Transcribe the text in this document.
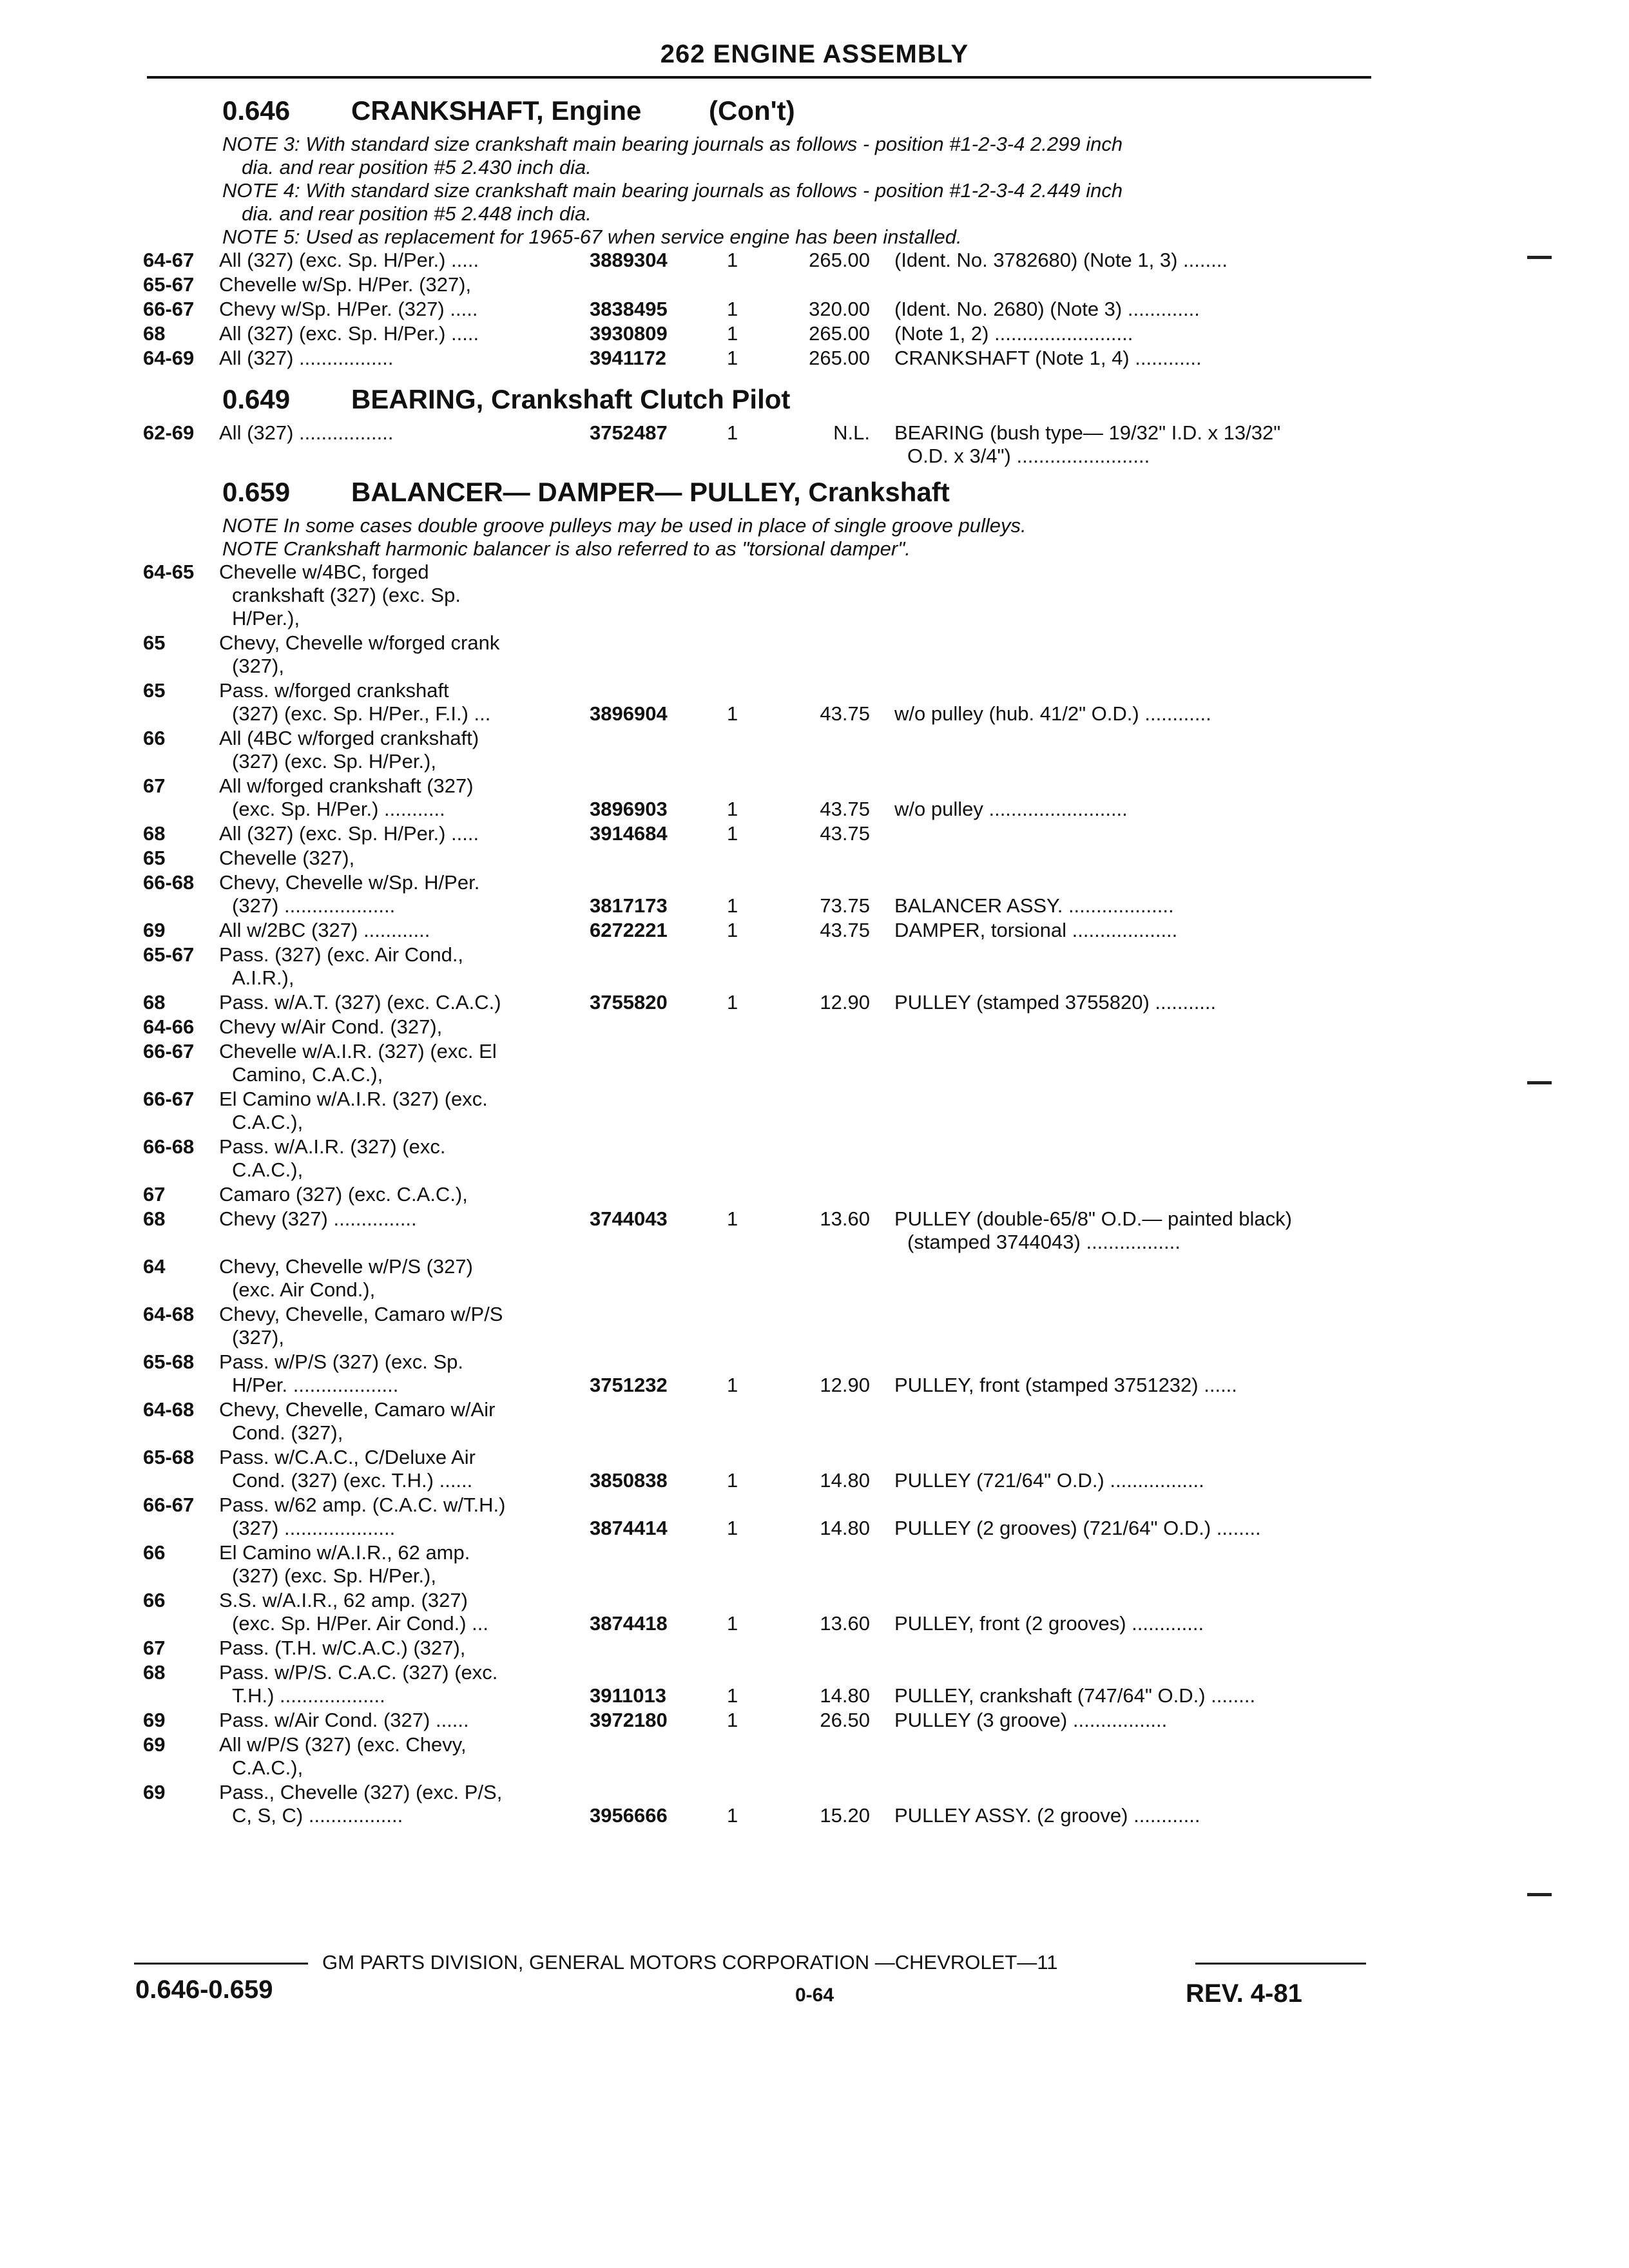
262 ENGINE ASSEMBLY
0.646 CRANKSHAFT, Engine (Con't)
NOTE 3: With standard size crankshaft main bearing journals as follows - position #1-2-3-4 2.299 inch
dia. and rear position #5 2.430 inch dia.
NOTE 4: With standard size crankshaft main bearing journals as follows - position #1-2-3-4 2.449 inch
dia. and rear position #5 2.448 inch dia.
NOTE 5: Used as replacement for 1965-67 when service engine has been installed.
64-67 All (327) (exc. Sp. H/Per.) .....	3889304	1	265.00 (Ident. No. 3782680) (Note 1, 3) ........
65-67 Chevelle w/Sp. H/Per. (327),
66-67 Chevy w/Sp. H/Per. (327) .....	3838495	1	320.00 (Ident. No. 2680) (Note 3) .............
68	All (327) (exc. Sp. H/Per.) .....	3930809	1	265.00 (Note 1, 2) .........................
64-69 All (327) .................	3941172	1	265.00 CRANKSHAFT (Note 1, 4) ............
0.649 BEARING, Crankshaft Clutch Pilot
62-69 All (327) .................	3752487	1	N.L. BEARING (bush type— 19/32" I.D. x 13/32"
O.D. x 3/4") ........................
0.659 BALANCER— DAMPER— PULLEY, Crankshaft
NOTE In some cases double groove pulleys may be used in place of single groove pulleys.
NOTE Crankshaft harmonic balancer is also referred to as "torsional damper".
64-65 Chevelle w/4BC, forged
crankshaft (327) (exc. Sp.
H/Per.),
65	Chevy, Chevelle w/forged crank
(327),
65	Pass. w/forged crankshaft
(327) (exc. Sp. H/Per., F.I.) ...	3896904	1	43.75 w/o pulley (hub. 41/2" O.D.) ............
66	All (4BC w/forged crankshaft)
(327) (exc. Sp. H/Per.),
67	All w/forged crankshaft (327)
(exc. Sp. H/Per.) ...........	3896903	1	43.75 w/o pulley .........................
68	All (327) (exc. Sp. H/Per.) .....	3914684	1	43.75
65	Chevelle (327),
66-68 Chevy, Chevelle w/Sp. H/Per.
(327) ....................	3817173	1	73.75 BALANCER ASSY. ...................
69	All w/2BC (327) ............	6272221	1	43.75 DAMPER, torsional ...................
65-67 Pass. (327) (exc. Air Cond.,
A.I.R.),
68	Pass. w/A.T. (327) (exc. C.A.C.)	3755820	1	12.90 PULLEY (stamped 3755820) ...........
64-66 Chevy w/Air Cond. (327),
66-67 Chevelle w/A.I.R. (327) (exc. El
Camino, C.A.C.),
66-67 El Camino w/A.I.R. (327) (exc.
C.A.C.),
66-68 Pass. w/A.I.R. (327) (exc.
C.A.C.),
67	Camaro (327) (exc. C.A.C.),
68	Chevy (327) ...............	3744043	1	13.60 PULLEY (double-65/8" O.D.— painted black)
(stamped 3744043) .................
64	Chevy, Chevelle w/P/S (327)
(exc. Air Cond.),
64-68 Chevy, Chevelle, Camaro w/P/S
(327),
65-68 Pass. w/P/S (327) (exc. Sp.
H/Per. ...................	3751232	1	12.90 PULLEY, front (stamped 3751232) ......
64-68 Chevy, Chevelle, Camaro w/Air
Cond. (327),
65-68 Pass. w/C.A.C., C/Deluxe Air
Cond. (327) (exc. T.H.) ......	3850838	1	14.80 PULLEY (721/64" O.D.) .................
66-67 Pass. w/62 amp. (C.A.C. w/T.H.)
(327) ....................	3874414	1	14.80 PULLEY (2 grooves) (721/64" O.D.) ........
66	El Camino w/A.I.R., 62 amp.
(327) (exc. Sp. H/Per.),
66	S.S. w/A.I.R., 62 amp. (327)
(exc. Sp. H/Per. Air Cond.) ...	3874418	1	13.60 PULLEY, front (2 grooves) .............
67	Pass. (T.H. w/C.A.C.) (327),
68	Pass. w/P/S. C.A.C. (327) (exc.
T.H.) ...................	3911013	1	14.80 PULLEY, crankshaft (747/64" O.D.) ........
69	Pass. w/Air Cond. (327) ......	3972180	1	26.50 PULLEY (3 groove) .................
69	All w/P/S (327) (exc. Chevy,
C.A.C.),
69	Pass., Chevelle (327) (exc. P/S,
C, S, C) .................	3956666	1	15.20 PULLEY ASSY. (2 groove) ............
GM PARTS DIVISION, GENERAL MOTORS CORPORATION —CHEVROLET—11
0.646-0.659	0-64	REV. 4-81
